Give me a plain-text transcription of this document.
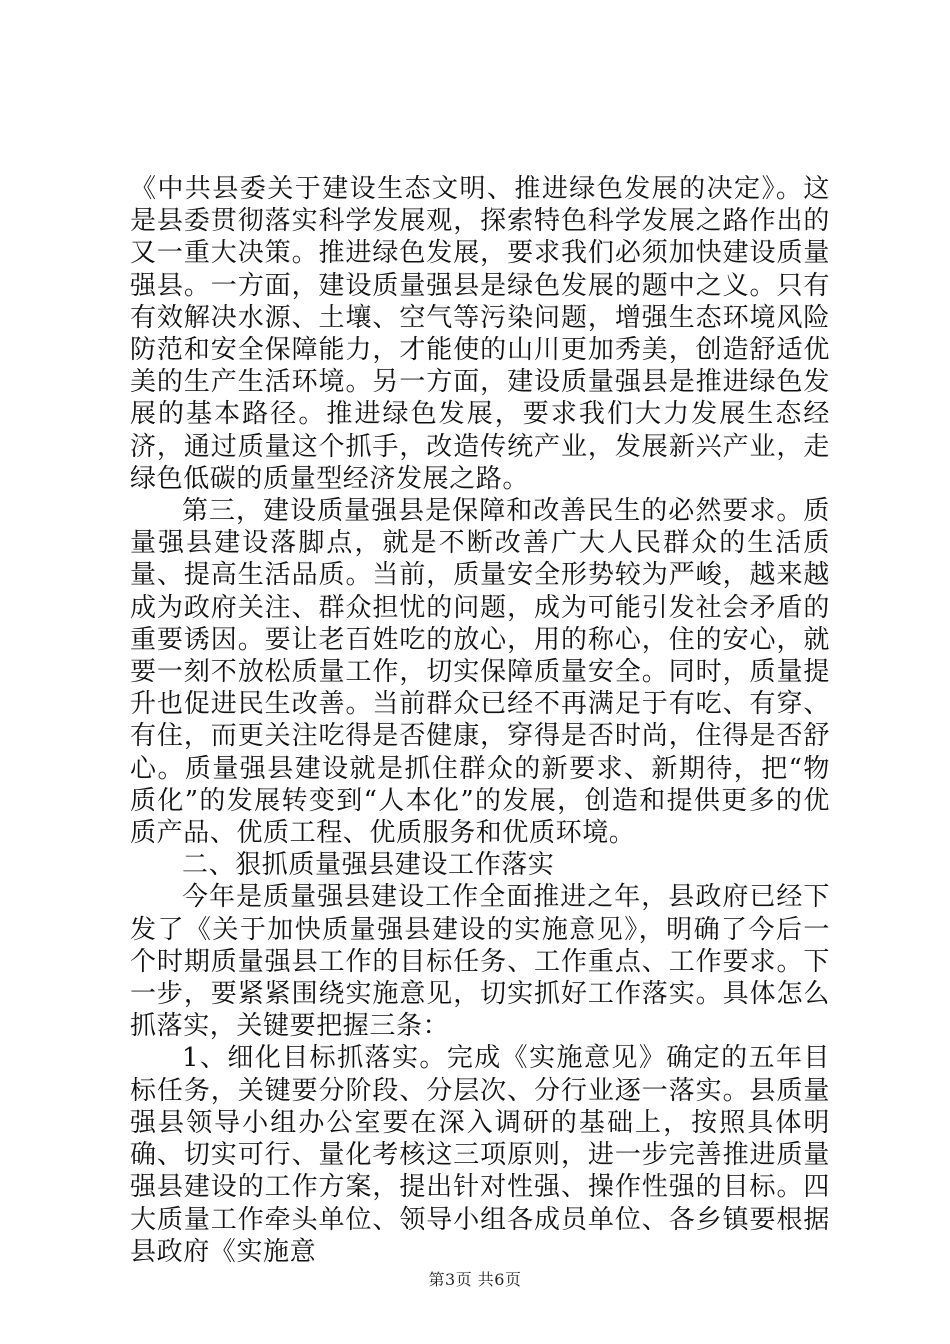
《中共县委关于建设生态文明、推进绿色发展的决定》。这是县委贯彻落实科学发展观，探索特色科学发展之路作出的又一重大决策。推进绿色发展，要求我们必须加快建设质量强县。一方面，建设质量强县是绿色发展的题中之义。只有有效解决水源、土壤、空气等污染问题，增强生态环境风险防范和安全保障能力，才能使的山川更加秀美，创造舒适优美的生产生活环境。另一方面，建设质量强县是推进绿色发展的基本路径。推进绿色发展，要求我们大力发展生态经济，通过质量这个抓手，改造传统产业，发展新兴产业，走绿色低碳的质量型经济发展之路。

第三，建设质量强县是保障和改善民生的必然要求。质量强县建设落脚点，就是不断改善广大人民群众的生活质量、提高生活品质。当前，质量安全形势较为严峻，越来越成为政府关注、群众担忧的问题，成为可能引发社会矛盾的重要诱因。要让老百姓吃的放心，用的称心，住的安心，就要一刻不放松质量工作，切实保障质量安全。同时，质量提升也促进民生改善。当前群众已经不再满足于有吃、有穿、有住，而更关注吃得是否健康，穿得是否时尚，住得是否舒心。质量强县建设就是抓住群众的新要求、新期待，把“物质化”的发展转变到“人本化”的发展，创造和提供更多的优质产品、优质工程、优质服务和优质环境。

二、狠抓质量强县建设工作落实

今年是质量强县建设工作全面推进之年，县政府已经下发了《关于加快质量强县建设的实施意见》，明确了今后一个时期质量强县工作的目标任务、工作重点、工作要求。下一步，要紧紧围绕实施意见，切实抓好工作落实。具体怎么抓落实，关键要把握三条：

1、细化目标抓落实。完成《实施意见》确定的五年目标任务，关键要分阶段、分层次、分行业逐一落实。县质量强县领导小组办公室要在深入调研的基础上，按照具体明确、切实可行、量化考核这三项原则，进一步完善推进质量强县建设的工作方案，提出针对性强、操作性强的目标。四大质量工作牵头单位、领导小组各成员单位、各乡镇要根据县政府《实施意

第3页 共6页
